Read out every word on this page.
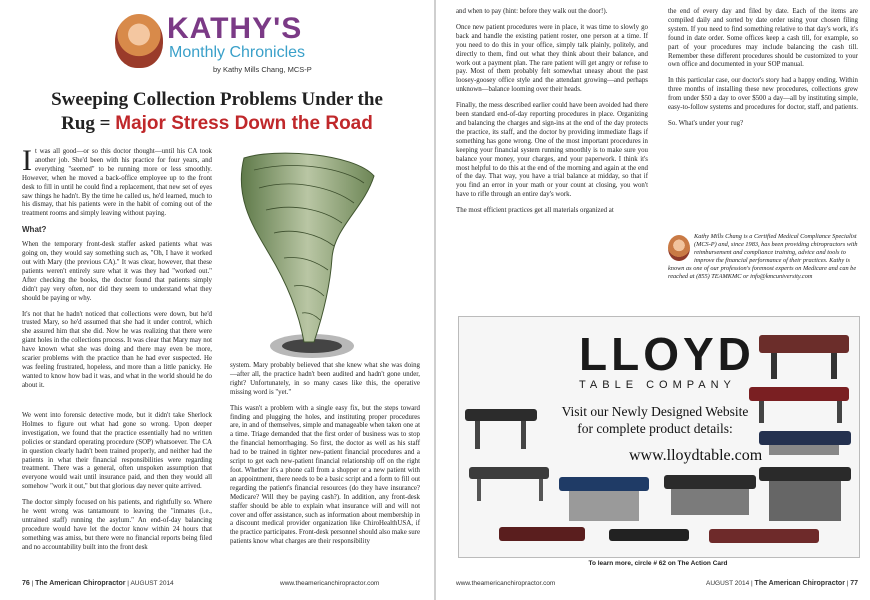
KATHY'S
Monthly Chronicles
by Kathy Mills Chang, MCS-P
Sweeping Collection Problems Under the
Rug = Major Stress Down the Road

It was all good—or so this doctor thought—until his CA took another job. She'd been with his practice for four years, and everything "seemed" to be running more or less smoothly. However, when he moved a back-office employee up to the front desk to fill in until he could find a replacement, that new set of eyes saw things he hadn't. By the time he called us, he'd learned, much to his dismay, that his patients were in the habit of coming out of the treatment rooms and simply leaving without paying.

What?

When the temporary front-desk staffer asked patients what was going on, they would say something such as, "Oh, I have it worked out with Mary (the previous CA)." It was clear, however, that these patients weren't entirely sure what it was they had "worked out." After checking the books, the doctor found that patients simply didn't pay very often, nor did they seem to understand what they should be paying or why.

It's not that he hadn't noticed that collections were down, but he'd trusted Mary, so he'd assumed that she had it under control, which she assured him that she did. Now he was realizing that there were giant holes in the collections process. It was clear that Mary may not have known what she was doing and there may even be more, scarier problems with the practice than he had ever suspected. He was feeling frustrated, hopeless, and more than a little panicky. He wanted to know how bad it was, and what in the world should he do about it.

We went into forensic detective mode, but it didn't take Sherlock Holmes to figure out what had gone so wrong. Upon deeper investigation, we found that the practice essentially had no written policies or standard operating procedure (SOP) whatsoever. The CA in question clearly hadn't been trained properly, and neither had the patients in what their financial responsibilities were regarding treatment. There was a general, often unspoken assumption that everyone would wait until insurance paid, and then they would all somehow "work it out," but that glorious day never quite arrived.

The doctor simply focused on his patients, and rightfully so. Where he went wrong was tantamount to leaving the "inmates (i.e., untrained staff) running the asylum." An end-of-day balancing procedure would have let the doctor know within 24 hours that something was amiss, but there were no financial reports being filed and no accountability built into the front desk

system. Mary probably believed that she knew what she was doing—after all, the practice hadn't been audited and hadn't gone under, right? Unfortunately, in so many cases like this, the operative missing word is "yet."

This wasn't a problem with a single easy fix, but the steps toward finding and plugging the holes, and instituting proper procedures are, in and of themselves, simple and manageable when taken one at a time. Triage demanded that the first order of business was to stop the financial hemorrhaging. So first, the doctor as well as his staff had to be trained in tighter new-patient financial procedures and a script to get each new-patient financial relationship off on the right foot. Whether it's a phone call from a shopper or a new patient with an appointment, there needs to be a basic script and a form to fill out regarding the patient's financial resources (do they have insurance? Medicare? Will they be paying cash?). In addition, any front-desk staffer should be able to explain what insurance will and will not cover and offer assistance, such as information about membership in a discount medical provider organization like ChiroHealthUSA, if the practice participates. Front-desk personnel should also make sure patients know what charges are their responsibility

76 | The American Chiropractor | AUGUST 2014	www.theamericanchiropractor.com

and when to pay (hint: before they walk out the door!).

Once new patient procedures were in place, it was time to slowly go back and handle the existing patient roster, one person at a time. If you need to do this in your office, simply talk plainly, politely, and directly to them, find out what they think about their balance, and work out a payment plan. The rare patient will get angry or refuse to pay. Most of them probably felt somewhat uneasy about the past loosey-goosey office style and the attendant growing—and perhaps unknown—balance looming over their heads.

Finally, the mess described earlier could have been avoided had there been standard end-of-day reporting procedures in place. Organizing and balancing the charges and sign-ins at the end of the day protects the practice, its staff, and the doctor by providing immediate flags if something has gone wrong. One of the most important procedures in keeping your financial system running smoothly is to make sure you balance your money, your charges, and your paperwork. I think it's most helpful to do this at the end of the morning and again at the end of the day. That way, you have a trial balance at midday, so that if you find an error in your math or your count at closing, you won't have to rifle through an entire day's work.

The most efficient practices get all materials organized at

the end of every day and filed by date. Each of the items are compiled daily and sorted by date order using your chosen filing system. If you need to find something relative to that day's work, it's found in date order. Some offices keep a cash till, for example, so part of your procedures may include balancing the cash till. Remember these different procedures should be customized to your own office and documented in your SOP manual.

In this particular case, our doctor's story had a happy ending. Within three months of installing these new procedures, collections grew from under $50 a day to over $500 a day—all by instituting simple, easy-to-follow systems and procedures for doctor, staff, and patients.

So. What's under your rug?

Kathy Mills Chang is a Certified Medical Compliance Specialist (MCS-P) and, since 1983, has been providing chiropractors with reimbursement and compliance training, advice and tools to improve the financial performance of their practices. Kathy is known as one of our profession's foremost experts on Medicare and can be reached at (855) TEAMKMC or info@kmcuniversity.com
LLOYD
TABLE COMPANY
Visit our Newly Designed Website for complete product details:
www.lloydtable.com
To learn more, circle # 62 on The Action Card
www.theamericanchiropractor.com	AUGUST 2014 | The American Chiropractor | 77
